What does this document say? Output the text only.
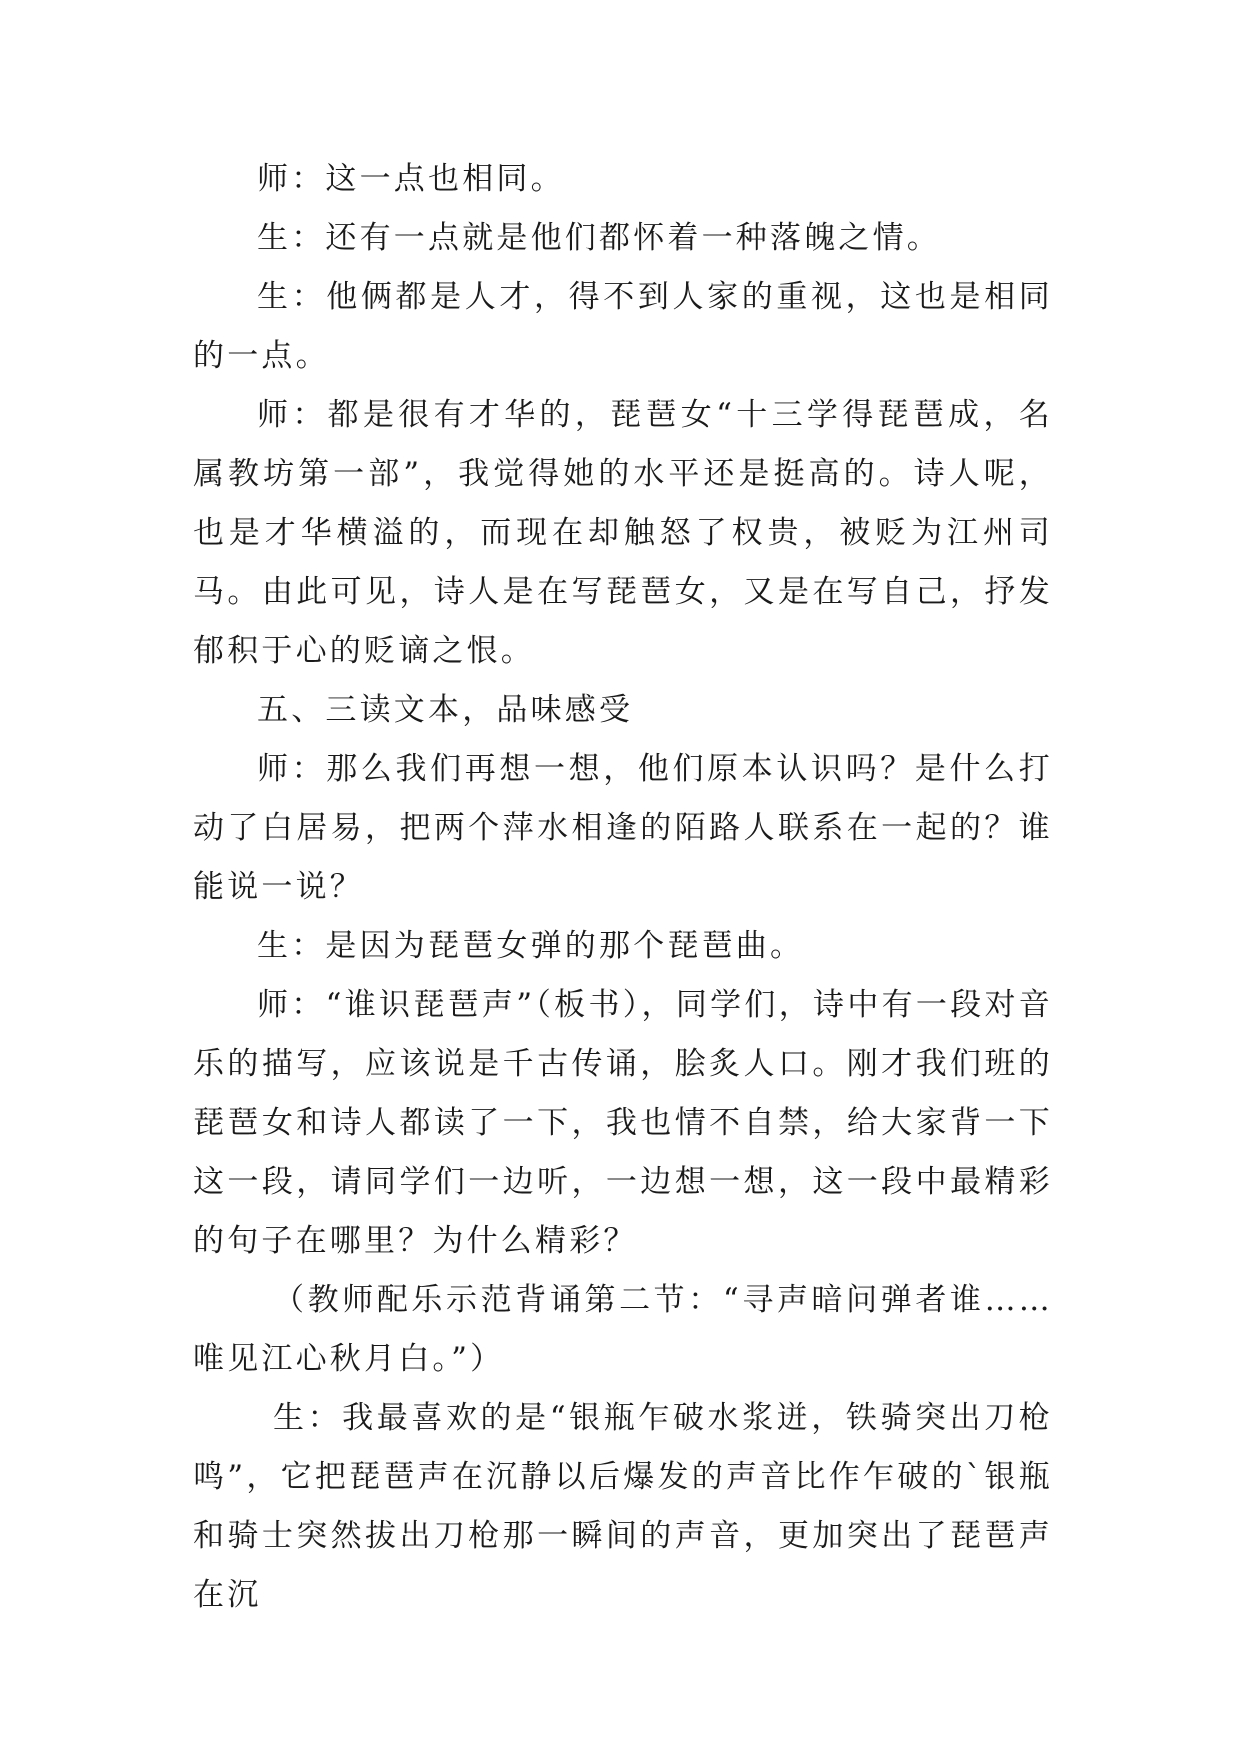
师：这一点也相同。

生：还有一点就是他们都怀着一种落魄之情。

生：他俩都是人才，得不到人家的重视，这也是相同的一点。

师：都是很有才华的，琵琶女“十三学得琵琶成，名属教坊第一部”，我觉得她的水平还是挺高的。诗人呢，也是才华横溢的，而现在却触怒了权贵，被贬为江州司马。由此可见，诗人是在写琵琶女，又是在写自己，抒发郁积于心的贬谪之恨。

五、三读文本，品味感受

师：那么我们再想一想，他们原本认识吗？是什么打动了白居易，把两个萍水相逢的陌路人联系在一起的？谁能说一说？

生：是因为琵琶女弹的那个琵琶曲。

师：“谁识琵琶声”（板书），同学们，诗中有一段对音乐的描写，应该说是千古传诵，脍炙人口。刚才我们班的琵琶女和诗人都读了一下，我也情不自禁，给大家背一下这一段，请同学们一边听，一边想一想，这一段中最精彩的句子在哪里？为什么精彩？

（教师配乐示范背诵第二节：“寻声暗问弹者谁……唯见江心秋月白。”）

生：我最喜欢的是“银瓶乍破水浆迸，铁骑突出刀枪鸣”，它把琵琶声在沉静以后爆发的声音比作乍破的`银瓶和骑士突然拔出刀枪那一瞬间的声音，更加突出了琵琶声在沉
